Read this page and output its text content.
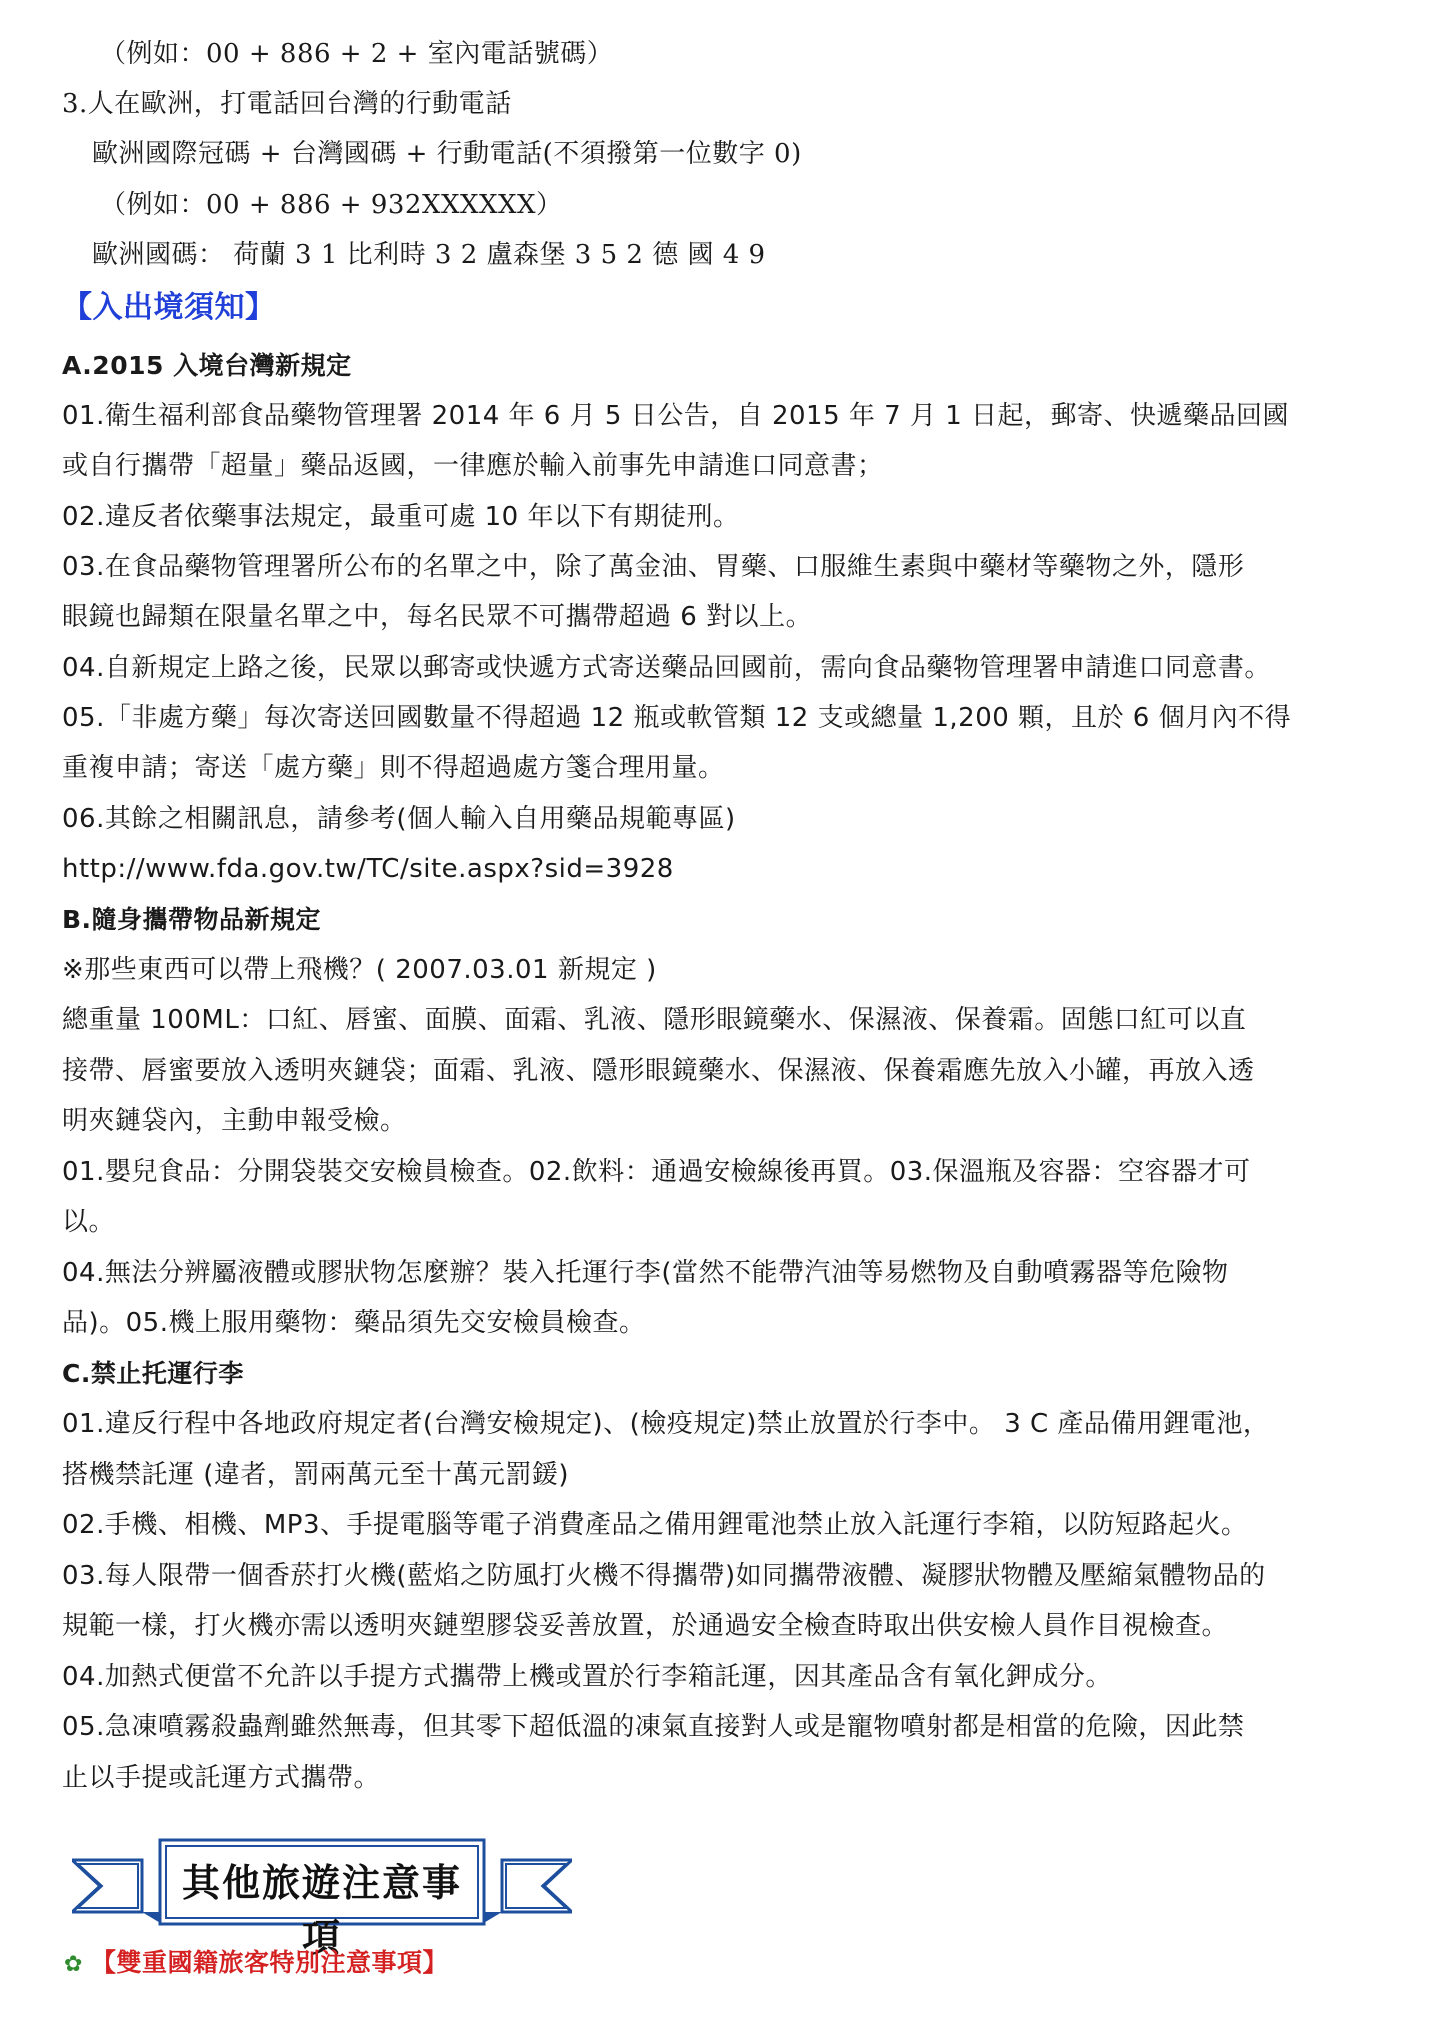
（例如：00 + 886 + 2 + 室內電話號碼）
3.人在歐洲，打電話回台灣的行動電話
歐洲國際冠碼 + 台灣國碼 + 行動電話(不須撥第一位數字 0)
（例如：00 + 886 + 932XXXXXX）
歐洲國碼： 荷蘭 3 1 比利時 3 2 盧森堡 3 5 2 德 國 4 9
【入出境須知】
A.2015 入境台灣新規定
01.衛生福利部食品藥物管理署 2014 年 6 月 5 日公告，自 2015 年 7 月 1 日起，郵寄、快遞藥品回國
或自行攜帶「超量」藥品返國，一律應於輸入前事先申請進口同意書；
02.違反者依藥事法規定，最重可處 10 年以下有期徒刑。
03.在食品藥物管理署所公布的名單之中，除了萬金油、胃藥、口服維生素與中藥材等藥物之外，隱形
眼鏡也歸類在限量名單之中，每名民眾不可攜帶超過 6 對以上。
04.自新規定上路之後，民眾以郵寄或快遞方式寄送藥品回國前，需向食品藥物管理署申請進口同意書。
05.「非處方藥」每次寄送回國數量不得超過 12 瓶或軟管類 12 支或總量 1,200 顆，且於 6 個月內不得
重複申請；寄送「處方藥」則不得超過處方箋合理用量。
06.其餘之相關訊息，請參考(個人輸入自用藥品規範專區)
http://www.fda.gov.tw/TC/site.aspx?sid=3928
B.隨身攜帶物品新規定
※那些東西可以帶上飛機？( 2007.03.01 新規定 )
總重量 100ML：口紅、唇蜜、面膜、面霜、乳液、隱形眼鏡藥水、保濕液、保養霜。固態口紅可以直
接帶、唇蜜要放入透明夾鏈袋；面霜、乳液、隱形眼鏡藥水、保濕液、保養霜應先放入小罐，再放入透
明夾鏈袋內，主動申報受檢。
01.嬰兒食品：分開袋裝交安檢員檢查。02.飲料：通過安檢線後再買。03.保溫瓶及容器：空容器才可
以。
04.無法分辨屬液體或膠狀物怎麼辦？裝入托運行李(當然不能帶汽油等易燃物及自動噴霧器等危險物
品)。05.機上服用藥物：藥品須先交安檢員檢查。
C.禁止托運行李
01.違反行程中各地政府規定者(台灣安檢規定)、(檢疫規定)禁止放置於行李中。 3 C 產品備用鋰電池，
搭機禁託運 (違者，罰兩萬元至十萬元罰鍰)
02.手機、相機、MP3、手提電腦等電子消費產品之備用鋰電池禁止放入託運行李箱，以防短路起火。
03.每人限帶一個香菸打火機(藍焰之防風打火機不得攜帶)如同攜帶液體、凝膠狀物體及壓縮氣體物品的
規範一樣，打火機亦需以透明夾鏈塑膠袋妥善放置，於通過安全檢查時取出供安檢人員作目視檢查。
04.加熱式便當不允許以手提方式攜帶上機或置於行李箱託運，因其產品含有氧化鉀成分。
05.急凍噴霧殺蟲劑雖然無毒，但其零下超低溫的凍氣直接對人或是寵物噴射都是相當的危險，因此禁
止以手提或託運方式攜帶。
其他旅遊注意事項
✿ 【雙重國籍旅客特別注意事項】
